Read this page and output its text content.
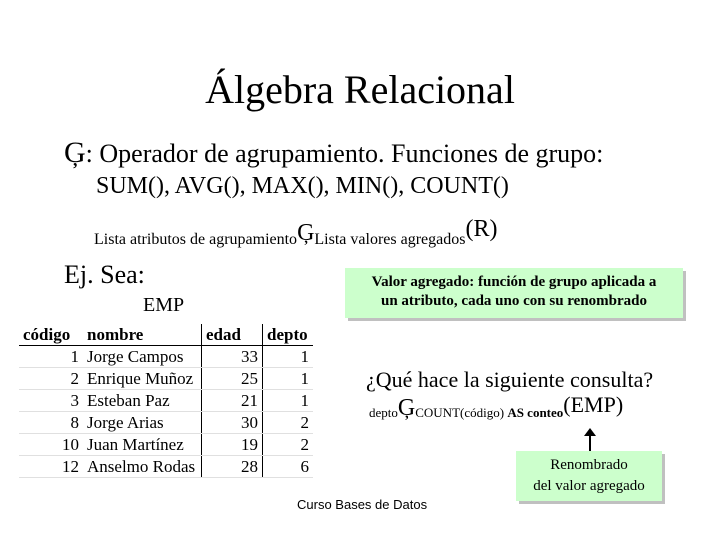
Álgebra Relacional
Ģ: Operador de agrupamiento. Funciones de grupo:
SUM(), AVG(), MAX(), MIN(), COUNT()
Lista atributos de agrupamientoĢLista valores agregados(R)
Ej. Sea:
EMP
Valor agregado: función de grupo aplicada a
un atributo, cada uno con su renombrado
código	nombre	edad	depto
1	Jorge Campos	33	1
2	Enrique Muñoz	25	1
3	Esteban Paz	21	1
8	Jorge Arias	30	2
10	Juan Martínez	19	2
12	Anselmo Rodas	28	6
¿Qué hace la siguiente consulta?
deptoĢCOUNT(código) AS conteo(EMP)
Renombrado
del valor agregado
Curso Bases de Datos
